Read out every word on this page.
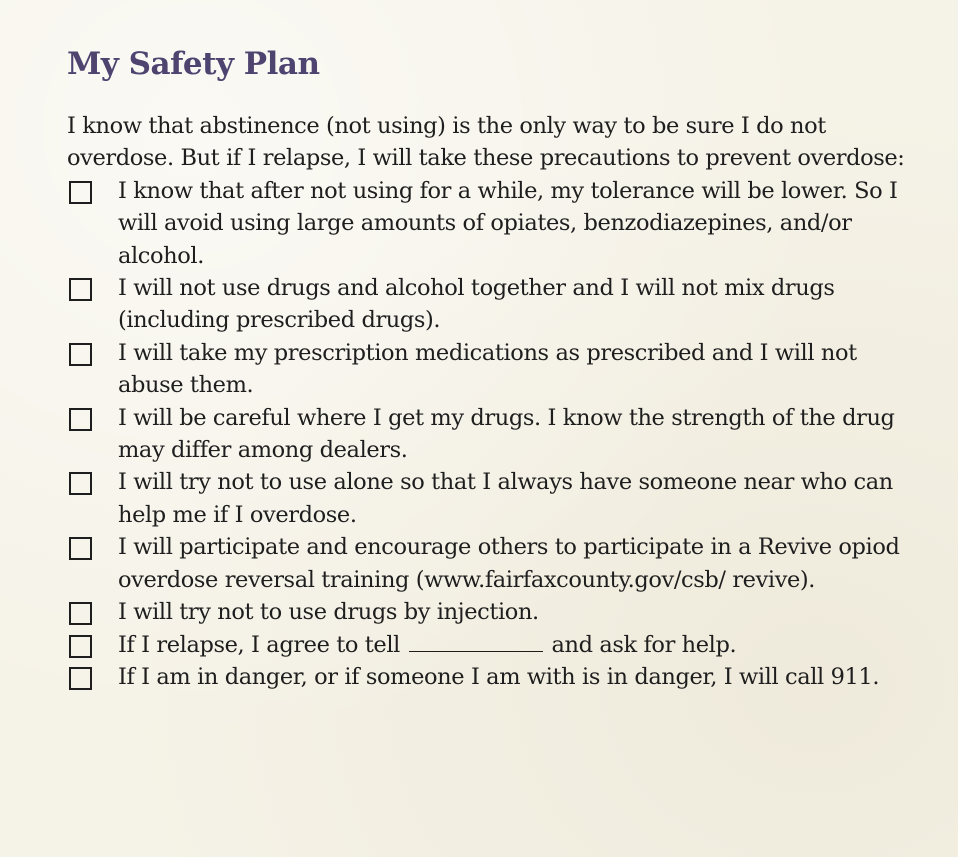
My Safety Plan

I know that abstinence (not using) is the only way to be sure I do not overdose. But if I relapse, I will take these precautions to prevent overdose:

I know that after not using for a while, my tolerance will be lower. So I will avoid using large amounts of opiates, benzodiazepines, and/or alcohol.
I will not use drugs and alcohol together and I will not mix drugs (including prescribed drugs).
I will take my prescription medications as prescribed and I will not abuse them.
I will be careful where I get my drugs. I know the strength of the drug may differ among dealers.
I will try not to use alone so that I always have someone near who can help me if I overdose.
I will participate and encourage others to participate in a Revive opiod overdose reversal training (www.fairfaxcounty.gov/csb/ revive).
I will try not to use drugs by injection.
If I relapse, I agree to tell	and ask for help.
If I am in danger, or if someone I am with is in danger, I will call 911.
